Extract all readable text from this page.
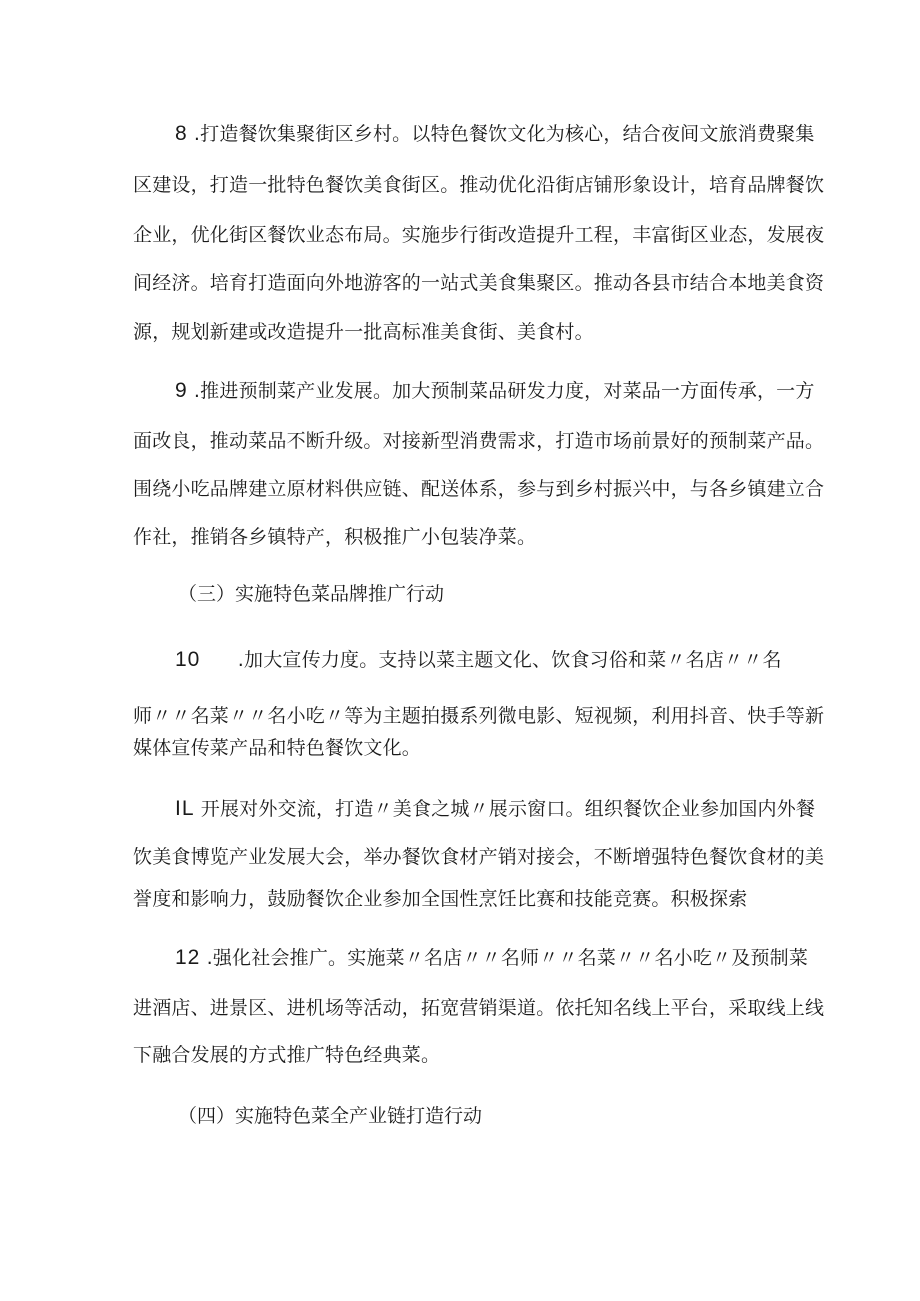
8 .打造餐饮集聚街区乡村。以特色餐饮文化为核心，结合夜间文旅消费聚集
区建设，打造一批特色餐饮美食街区。推动优化沿街店铺形象设计，培育品牌餐饮
企业，优化街区餐饮业态布局。实施步行街改造提升工程，丰富街区业态，发展夜
间经济。培育打造面向外地游客的一站式美食集聚区。推动各县市结合本地美食资
源，规划新建或改造提升一批高标准美食街、美食村。
9 .推进预制菜产业发展。加大预制菜品研发力度，对菜品一方面传承，一方
面改良，推动菜品不断升级。对接新型消费需求，打造市场前景好的预制菜产品。
围绕小吃品牌建立原材料供应链、配送体系，参与到乡村振兴中，与各乡镇建立合
作社，推销各乡镇特产，积极推广小包装净菜。
（三）实施特色菜品牌推广行动
10      .加大宣传力度。支持以菜主题文化、饮食习俗和菜〃名店〃〃名
师〃〃名菜〃〃名小吃〃等为主题拍摄系列微电影、短视频，利用抖音、快手等新
媒体宣传菜产品和特色餐饮文化。
IL 开展对外交流，打造〃美食之城〃展示窗口。组织餐饮企业参加国内外餐
饮美食博览产业发展大会，举办餐饮食材产销对接会，不断增强特色餐饮食材的美
誉度和影响力，鼓励餐饮企业参加全国性烹饪比赛和技能竞赛。积极探索
12 .强化社会推广。实施菜〃名店〃〃名师〃〃名菜〃〃名小吃〃及预制菜
进酒店、进景区、进机场等活动，拓宽营销渠道。依托知名线上平台，采取线上线
下融合发展的方式推广特色经典菜。
（四）实施特色菜全产业链打造行动
